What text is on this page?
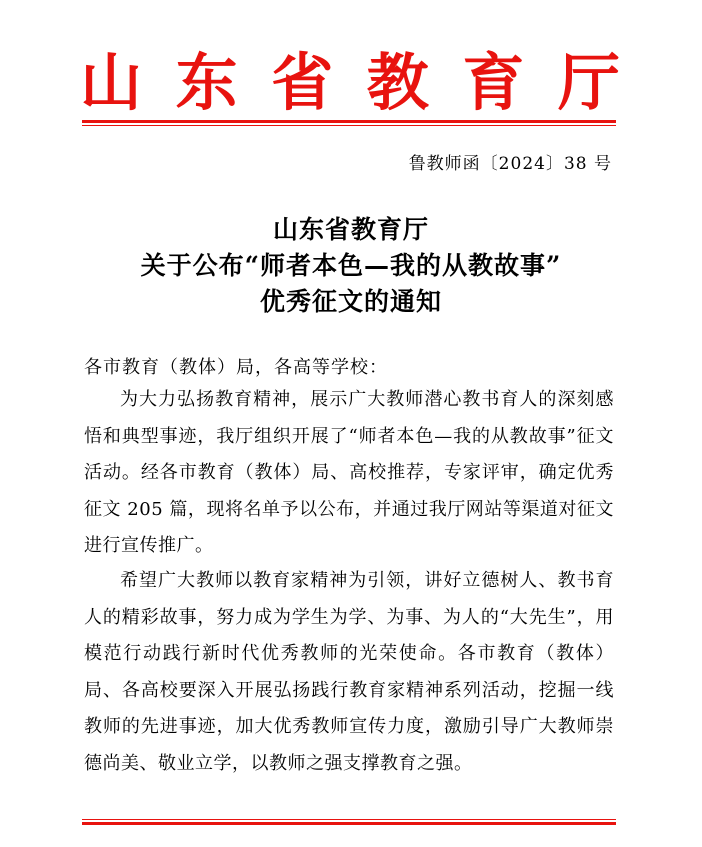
山 东 省 教 育 厅
鲁教师函〔2024〕38 号
山东省教育厅
关于公布“师者本色—我的从教故事”
优秀征文的通知
各市教育（教体）局，各高等学校：

为大力弘扬教育精神，展示广大教师潜心教书育人的深刻感悟和典型事迹，我厅组织开展了“师者本色—我的从教故事”征文活动。经各市教育（教体）局、高校推荐，专家评审，确定优秀征文 205 篇，现将名单予以公布，并通过我厅网站等渠道对征文进行宣传推广。

希望广大教师以教育家精神为引领，讲好立德树人、教书育人的精彩故事，努力成为学生为学、为事、为人的“大先生”，用模范行动践行新时代优秀教师的光荣使命。各市教育（教体）局、各高校要深入开展弘扬践行教育家精神系列活动，挖掘一线教师的先进事迹，加大优秀教师宣传力度，激励引导广大教师崇德尚美、敬业立学，以教师之强支撑教育之强。
